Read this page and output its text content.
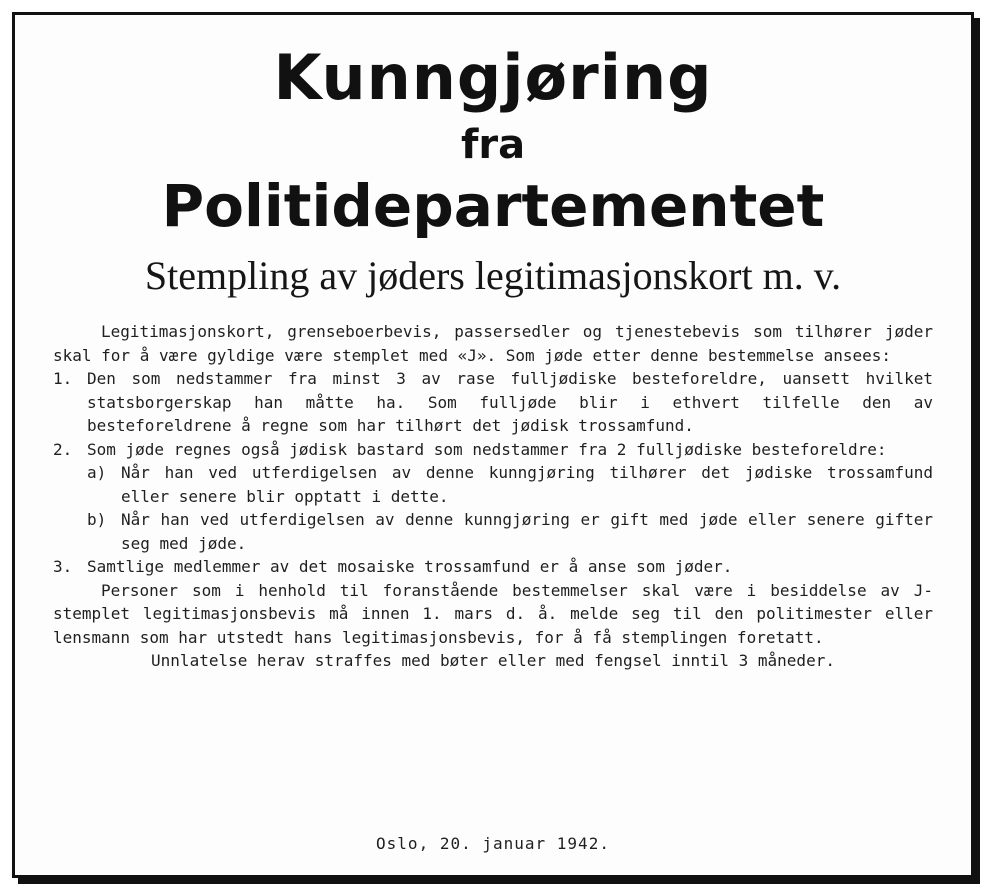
Kunngjøring
fra
Politidepartementet
Stempling av jøders legitimasjonskort m. v.

Legitimasjonskort, grenseboerbevis, passersedler og tjenestebevis som tilhører jøder skal for å være gyldige være stemplet med «J». Som jøde etter denne bestemmelse ansees:

1. Den som nedstammer fra minst 3 av rase fulljødiske besteforeldre, uansett hvilket statsborgerskap han måtte ha. Som fulljøde blir i ethvert tilfelle den av besteforeldrene å regne som har tilhørt det jødisk trossamfund.
2. Som jøde regnes også jødisk bastard som nedstammer fra 2 fulljødiske besteforeldre:
a) Når han ved utferdigelsen av denne kunngjøring tilhører det jødiske trossamfund eller senere blir opptatt i dette.
b) Når han ved utferdigelsen av denne kunngjøring er gift med jøde eller senere gifter seg med jøde.
3. Samtlige medlemmer av det mosaiske trossamfund er å anse som jøder.

Personer som i henhold til foranstående bestemmelser skal være i besiddelse av J-stemplet legitimasjonsbevis må innen 1. mars d. å. melde seg til den politimester eller lensmann som har utstedt hans legitimasjonsbevis, for å få stemplingen foretatt.

Unnlatelse herav straffes med bøter eller med fengsel inntil 3 måneder.

Oslo, 20. januar 1942.
